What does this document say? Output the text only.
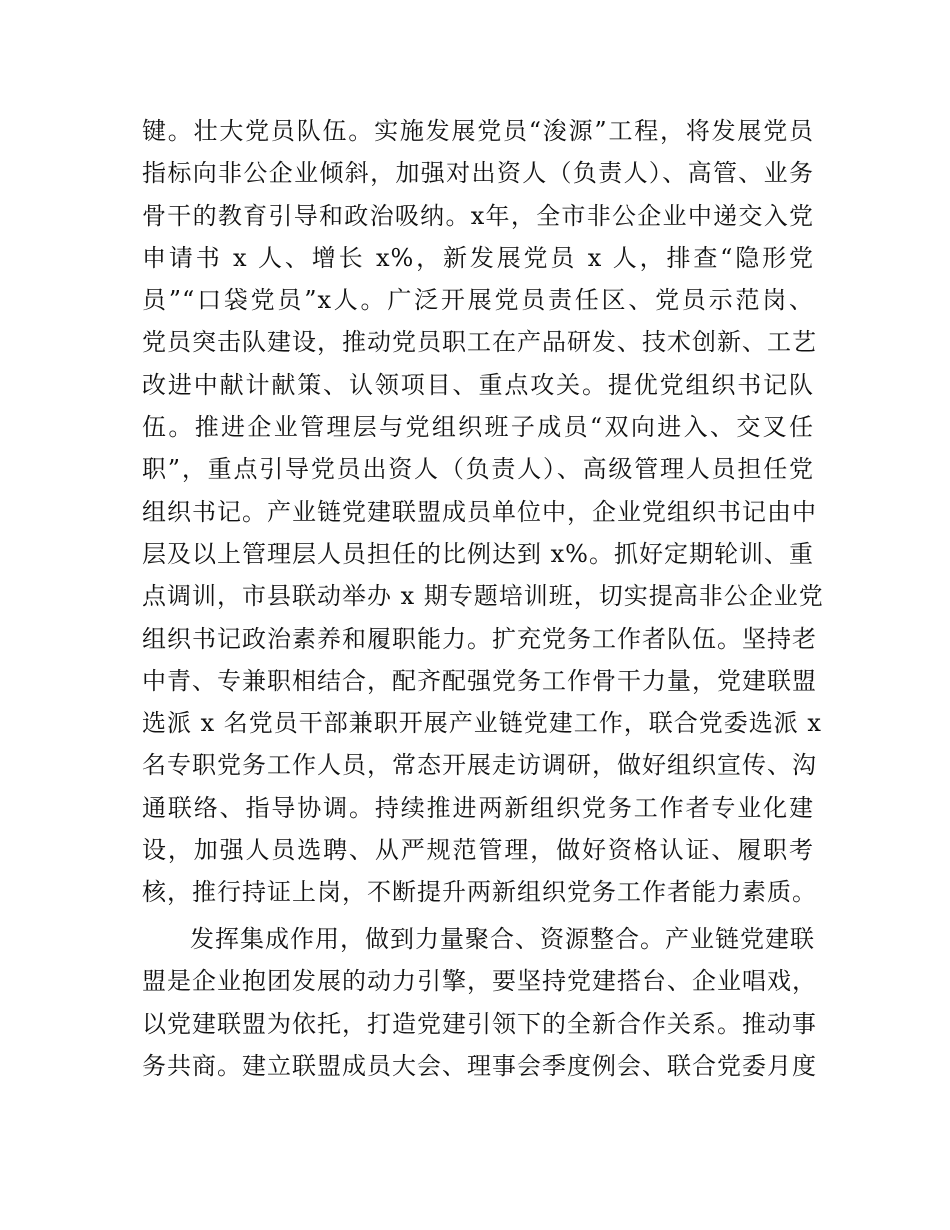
键。壮大党员队伍。实施发展党员“浚源”工程，将发展党员
指标向非公企业倾斜，加强对出资人（负责人）、高管、业务
骨干的教育引导和政治吸纳。x年，全市非公企业中递交入党
申请书 x 人、增长 x%，新发展党员 x 人，排查“隐形党
员”“口袋党员”x人。广泛开展党员责任区、党员示范岗、
党员突击队建设，推动党员职工在产品研发、技术创新、工艺
改进中献计献策、认领项目、重点攻关。提优党组织书记队
伍。推进企业管理层与党组织班子成员“双向进入、交叉任
职”，重点引导党员出资人（负责人）、高级管理人员担任党
组织书记。产业链党建联盟成员单位中，企业党组织书记由中
层及以上管理层人员担任的比例达到 x%。抓好定期轮训、重
点调训，市县联动举办 x 期专题培训班，切实提高非公企业党
组织书记政治素养和履职能力。扩充党务工作者队伍。坚持老
中青、专兼职相结合，配齐配强党务工作骨干力量，党建联盟
选派 x 名党员干部兼职开展产业链党建工作，联合党委选派 x
名专职党务工作人员，常态开展走访调研，做好组织宣传、沟
通联络、指导协调。持续推进两新组织党务工作者专业化建
设，加强人员选聘、从严规范管理，做好资格认证、履职考
核，推行持证上岗，不断提升两新组织党务工作者能力素质。
发挥集成作用，做到力量聚合、资源整合。产业链党建联
盟是企业抱团发展的动力引擎，要坚持党建搭台、企业唱戏，
以党建联盟为依托，打造党建引领下的全新合作关系。推动事
务共商。建立联盟成员大会、理事会季度例会、联合党委月度
